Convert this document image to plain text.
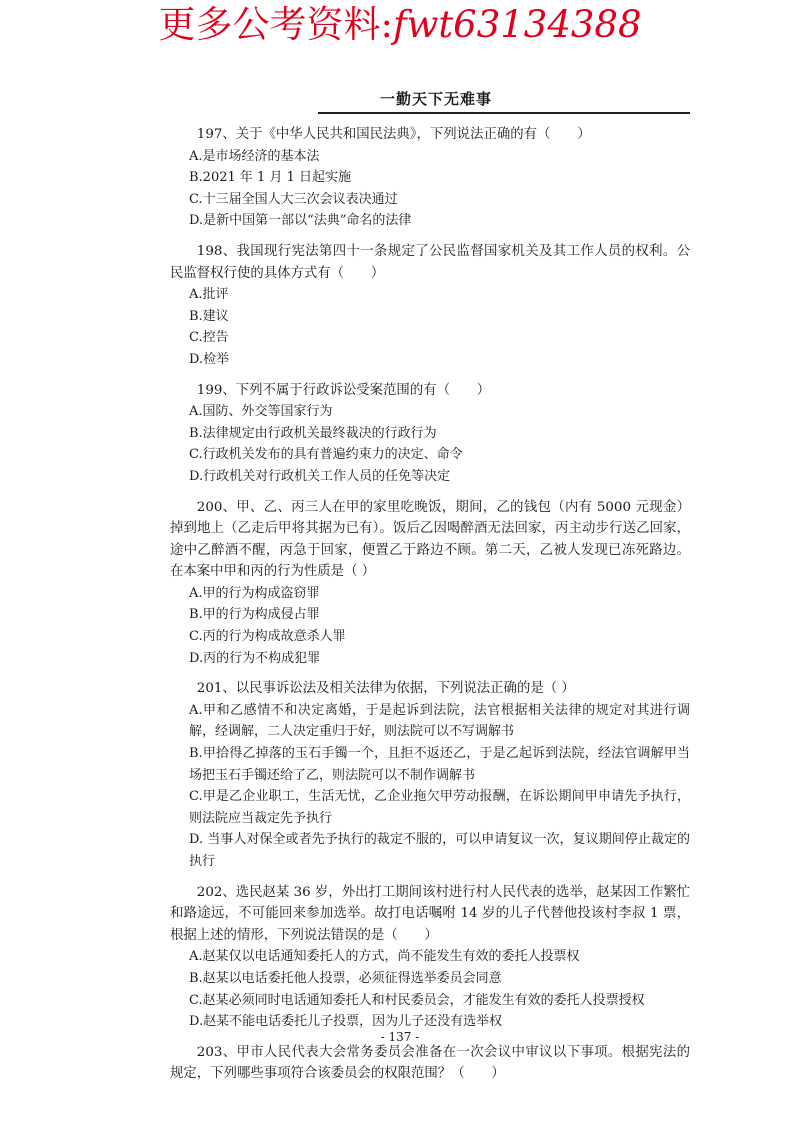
更多公考资料:fwt63134388
一勤天下无难事

197、关于《中华人民共和国民法典》，下列说法正确的有（　　）

A.是市场经济的基本法

B.2021 年 1 月 1 日起实施

C.十三届全国人大三次会议表决通过

D.是新中国第一部以“法典”命名的法律

198、我国现行宪法第四十一条规定了公民监督国家机关及其工作人员的权利。公民监督权行使的具体方式有（　　）

A.批评

B.建议

C.控告

D.检举

199、下列不属于行政诉讼受案范围的有（　　）

A.国防、外交等国家行为

B.法律规定由行政机关最终裁决的行政行为

C.行政机关发布的具有普遍约束力的决定、命令

D.行政机关对行政机关工作人员的任免等决定

200、甲、乙、丙三人在甲的家里吃晚饭，期间，乙的钱包（内有 5000 元现金）掉到地上（乙走后甲将其据为已有）。饭后乙因喝醉酒无法回家，丙主动步行送乙回家，途中乙醉酒不醒，丙急于回家，便置乙于路边不顾。第二天，乙被人发现已冻死路边。在本案中甲和丙的行为性质是（ ）

A.甲的行为构成盗窃罪

B.甲的行为构成侵占罪

C.丙的行为构成故意杀人罪

D.丙的行为不构成犯罪

201、以民事诉讼法及相关法律为依据，下列说法正确的是（ ）

A.甲和乙感情不和决定离婚，于是起诉到法院，法官根据相关法律的规定对其进行调解，经调解，二人决定重归于好，则法院可以不写调解书

B.甲拾得乙掉落的玉石手镯一个，且拒不返还乙，于是乙起诉到法院，经法官调解甲当场把玉石手镯还给了乙，则法院可以不制作调解书

C.甲是乙企业职工，生活无忧，乙企业拖欠甲劳动报酬，在诉讼期间甲申请先予执行，则法院应当裁定先予执行

D. 当事人对保全或者先予执行的裁定不服的，可以申请复议一次，复议期间停止裁定的执行

202、选民赵某 36 岁，外出打工期间该村进行村人民代表的选举，赵某因工作繁忙和路途远，不可能回来参加选举。故打电话嘱咐 14 岁的儿子代替他投该村李叔 1 票，根据上述的情形，下列说法错误的是（　　）

A.赵某仅以电话通知委托人的方式，尚不能发生有效的委托人投票权

B.赵某以电话委托他人投票，必须征得选举委员会同意

C.赵某必须同时电话通知委托人和村民委员会，才能发生有效的委托人投票授权

D.赵某不能电话委托儿子投票，因为儿子还没有选举权

203、甲市人民代表大会常务委员会准备在一次会议中审议以下事项。根据宪法的规定，下列哪些事项符合该委员会的权限范围？（　　）

- 137 -
